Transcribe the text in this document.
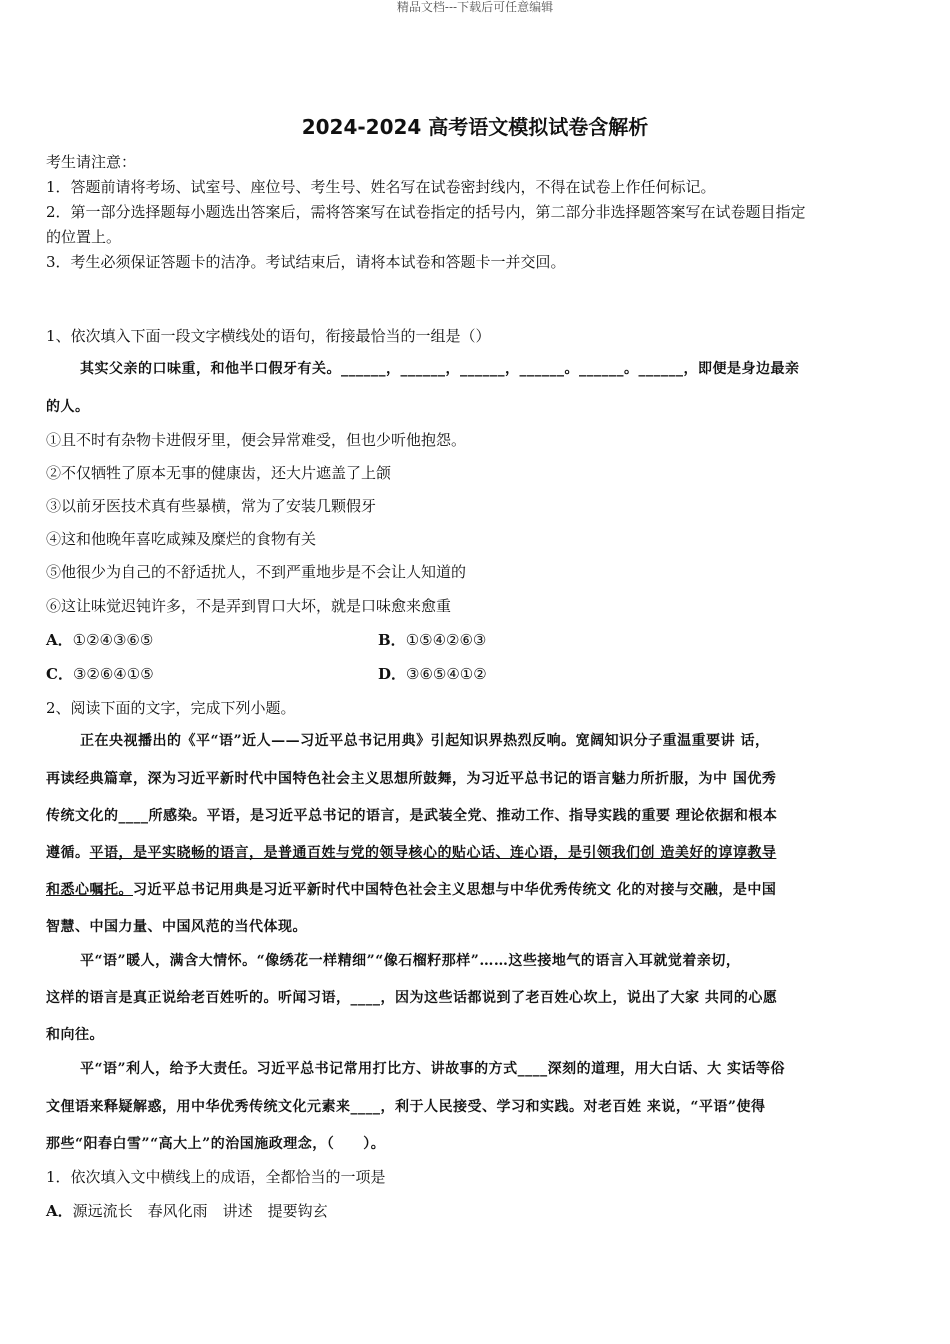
精品文档---下载后可任意编辑
2024-2024 高考语文模拟试卷含解析
考生请注意：
1．答题前请将考场、试室号、座位号、考生号、姓名写在试卷密封线内，不得在试卷上作任何标记。
2．第一部分选择题每小题选出答案后，需将答案写在试卷指定的括号内，第二部分非选择题答案写在试卷题目指定
的位置上。
3．考生必须保证答题卡的洁净。考试结束后，请将本试卷和答题卡一并交回。
1、依次填入下面一段文字横线处的语句，衔接最恰当的一组是（）
其实父亲的口味重，和他半口假牙有关。______，______，______，______。______。______，即便是身边最亲
的人。
①且不时有杂物卡进假牙里，便会异常难受，但也少听他抱怨。
②不仅牺牲了原本无事的健康齿，还大片遮盖了上颌
③以前牙医技术真有些暴横，常为了安装几颗假牙
④这和他晚年喜吃咸辣及糜烂的食物有关
⑤他很少为自己的不舒适扰人，不到严重地步是不会让人知道的
⑥这让味觉迟钝许多，不是弄到胃口大坏，就是口味愈来愈重
A．①②④③⑥⑤	B．①⑤④②⑥③
C．③②⑥④①⑤	D．③⑥⑤④①②
2、阅读下面的文字，完成下列小题。
正在央视播出的《平“语”近人——习近平总书记用典》引起知识界热烈反响。宽阔知识分子重温重要讲 话，
再读经典篇章，深为习近平新时代中国特色社会主义思想所鼓舞，为习近平总书记的语言魅力所折服，为中 国优秀
传统文化的____所感染。平语，是习近平总书记的语言，是武装全党、推动工作、指导实践的重要 理论依据和根本
遵循。平语，是平实晓畅的语言，是普通百姓与党的领导核心的贴心话、连心语，是引领我们创 造美好的谆谆教导
和悉心嘱托。习近平总书记用典是习近平新时代中国特色社会主义思想与中华优秀传统文 化的对接与交融，是中国
智慧、中国力量、中国风范的当代体现。
平“语”暖人，满含大情怀。“像绣花一样精细”“像石榴籽那样”……这些接地气的语言入耳就觉着亲切，
这样的语言是真正说给老百姓听的。听闻习语，____，因为这些话都说到了老百姓心坎上，说出了大家 共同的心愿
和向往。
平“语”利人，给予大责任。习近平总书记常用打比方、讲故事的方式____深刻的道理，用大白话、大 实话等俗
文俚语来释疑解惑，用中华优秀传统文化元素来____，利于人民接受、学习和实践。对老百姓 来说，“平语”使得
那些“阳春白雪”“高大上”的治国施政理念，（　　）。
1．依次填入文中横线上的成语，全都恰当的一项是
A．源远流长　春风化雨　讲述　提要钩玄
